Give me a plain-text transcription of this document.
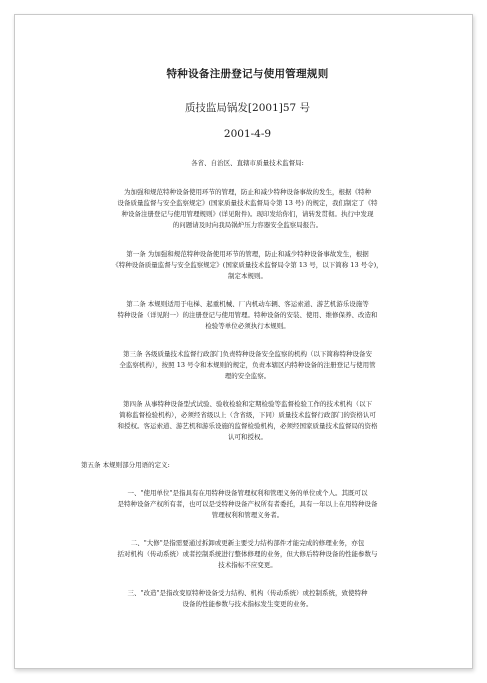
特种设备注册登记与使用管理规则
质技监局锅发[2001]57 号
2001-4-9
各省、自治区、直辖市质量技术监督局:
为加强和规范特种设备使用环节的管理，防止和减少特种设备事故的发生，根据《特种
设备质量监督与安全监察规定》(国家质量技术监督局令第 13 号) 的规定，我们制定了《特
种设备注册登记与使用管理规则》(详见附件)。现印发给你们，请转发贯彻。执行中发现
的问题请及时向我局锅炉压力容器安全监察局报告。
第一条 为加强和规范特种设备使用环节的管理，防止和减少特种设备事故发生，根据
《特种设备质量监督与安全监察规定》(国家质量技术监督局令第 13 号，以下简称 13 号令)，
制定本规则。
第二条 本规则适用于电梯、起重机械、厂内机动车辆、客运索道、游艺机游乐设施等
特种设备（详见附一）的注册登记与使用管理。特种设备的安装、使用、维修保养、改造和
检验等单位必须执行本规则。
第三条 各级质量技术监督行政部门负责特种设备安全监察的机构（以下简称特种设备安
全监察机构），按照 13 号令和本规则的规定，负责本辖区内特种设备的注册登记与使用管
理的安全监察。
第四条 从事特种设备型式试验、验收检验和定期检验等监督检验工作的技术机构（以下
简称监督检验机构），必须经省级以上（含省级，下同）质量技术监督行政部门的资格认可
和授权。客运索道、游艺机和游乐设施的监督检验机构，必须经国家质量技术监督局的资格
认可和授权。
第五条 本规则部分用语的定义:
一、"使用单位"是指具有在用特种设备管理权利和管理义务的单位或个人。其既可以
是特种设备产权所有者，也可以是受特种设备产权所有者委托，具有一年以上在用特种设备
管理权利和管理义务者。
二、"大修"是指需要通过拆卸或更新主要受力结构部件才能完成的修理业务，亦包
括对机构（传动系统）或者控制系统进行整体修理的业务，但大修后特种设备的性能参数与
技术指标不应变更。
三、"改造"是指改变原特种设备受力结构、机构（传动系统）或控制系统，致使特种
设备的性能参数与技术指标发生变更的业务。
